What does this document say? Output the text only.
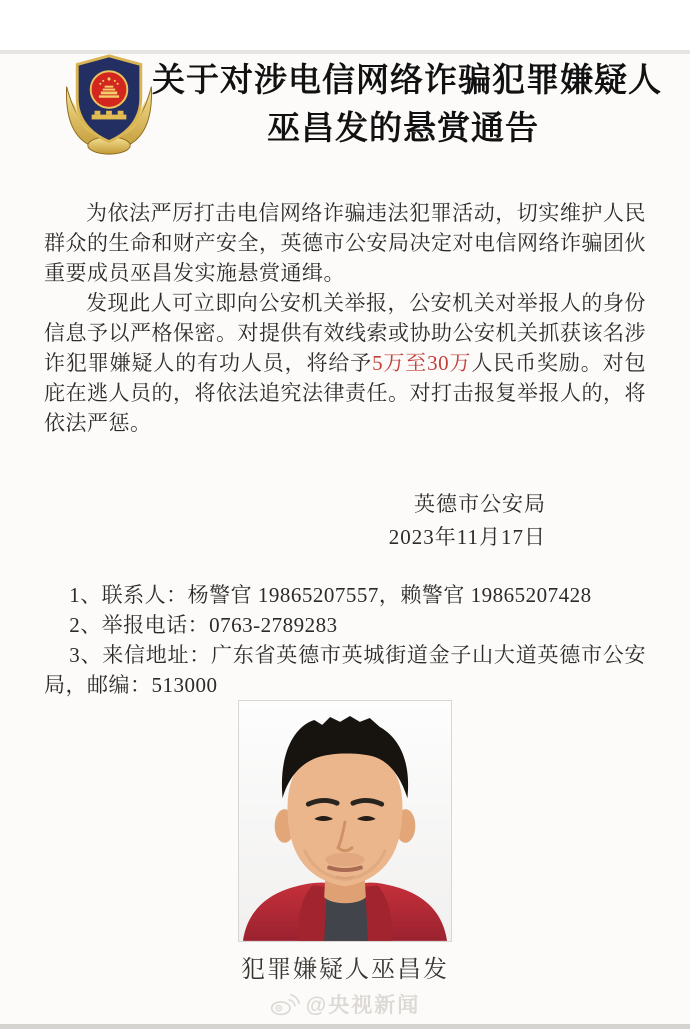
关于对涉电信网络诈骗犯罪嫌疑人
巫昌发的悬赏通告

为依法严厉打击电信网络诈骗违法犯罪活动，切实维护人民群众的生命和财产安全，英德市公安局决定对电信网络诈骗团伙重要成员巫昌发实施悬赏通缉。

发现此人可立即向公安机关举报，公安机关对举报人的身份信息予以严格保密。对提供有效线索或协助公安机关抓获该名涉诈犯罪嫌疑人的有功人员，将给予5万至30万人民币奖励。对包庇在逃人员的，将依法追究法律责任。对打击报复举报人的，将依法严惩。

英德市公安局
2023年11月17日

1、联系人：杨警官 19865207557，赖警官 19865207428

2、举报电话：0763-2789283

3、来信地址：广东省英德市英城街道金子山大道英德市公安局，邮编：513000

犯罪嫌疑人巫昌发
@央视新闻
